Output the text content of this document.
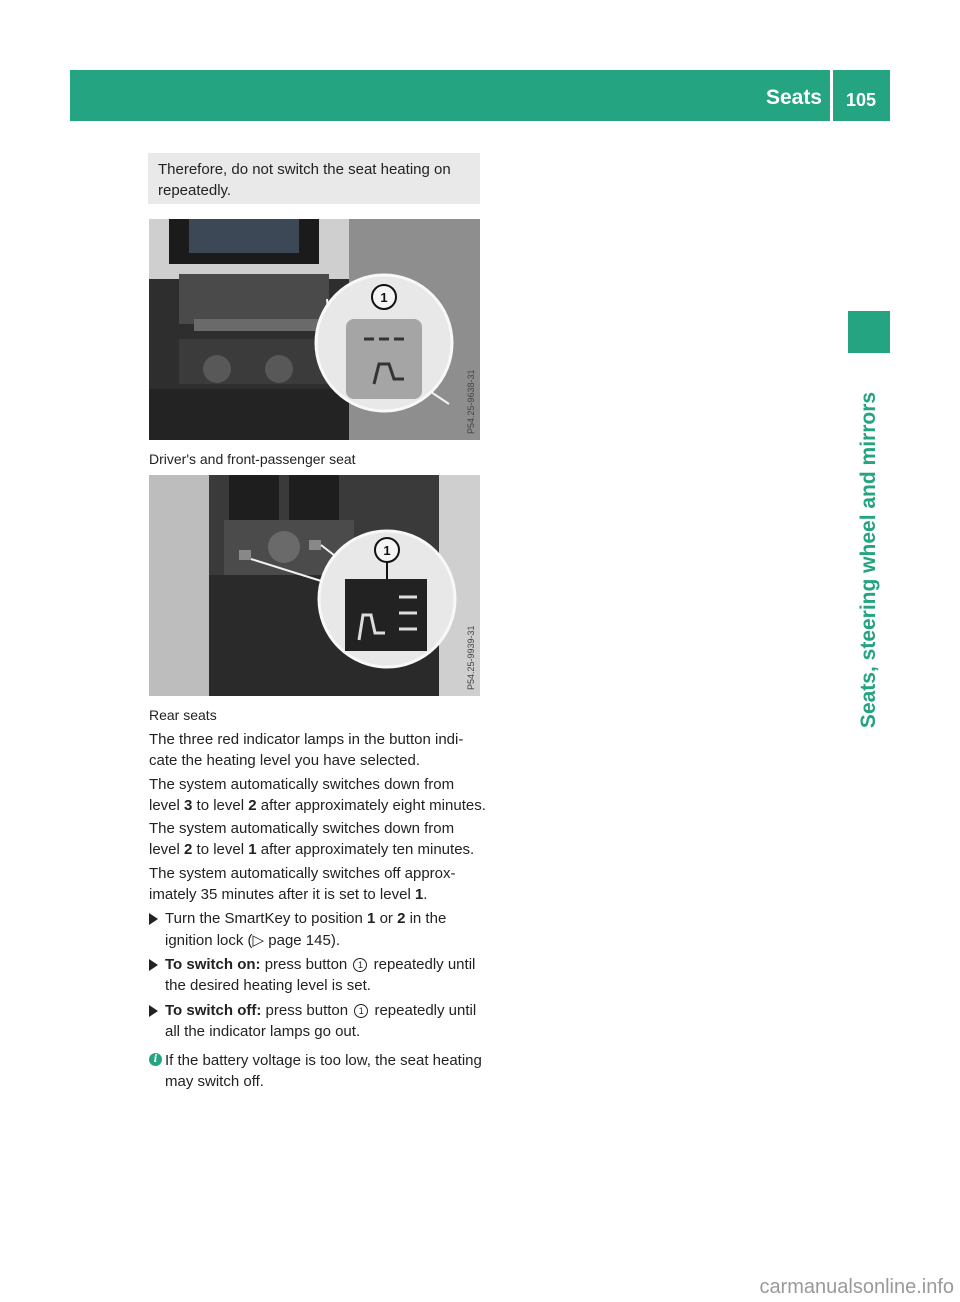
Seats 105
Seats, steering wheel and mirrors
Therefore, do not switch the seat heating on repeatedly.
1
P54.25-9638-31
Driver's and front-passenger seat
1
P54.25-9939-31
Rear seats

The three red indicator lamps in the button indi- cate the heating level you have selected.

The system automatically switches down from level 3 to level 2 after approximately eight minutes.

The system automatically switches down from level 2 to level 1 after approximately ten minutes.

The system automatically switches off approx- imately 35 minutes after it is set to level 1.

Turn the SmartKey to position 1 or 2 in the ignition lock (▷ page 145).
To switch on: press button 1 repeatedly until the desired heating level is set.
To switch off: press button 1 repeatedly until all the indicator lamps go out.
i If the battery voltage is too low, the seat heating may switch off.
carmanualsonline.info
